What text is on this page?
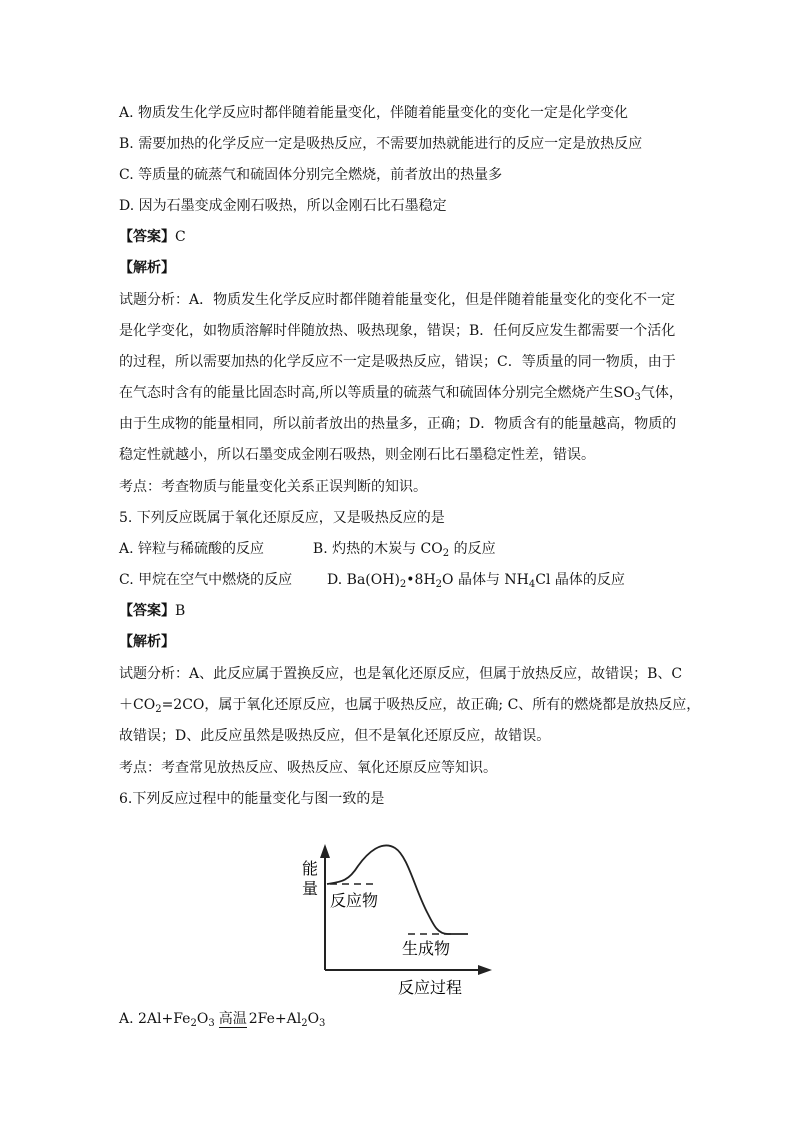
A. 物质发生化学反应时都伴随着能量变化，伴随着能量变化的变化一定是化学变化
B. 需要加热的化学反应一定是吸热反应，不需要加热就能进行的反应一定是放热反应
C. 等质量的硫蒸气和硫固体分别完全燃烧，前者放出的热量多
D. 因为石墨变成金刚石吸热，所以金刚石比石墨稳定
【答案】C
【解析】
试题分析：A．物质发生化学反应时都伴随着能量变化，但是伴随着能量变化的变化不一定
是化学变化，如物质溶解时伴随放热、吸热现象，错误；B．任何反应发生都需要一个活化
的过程，所以需要加热的化学反应不一定是吸热反应，错误；C．等质量的同一物质，由于
在气态时含有的能量比固态时高,所以等质量的硫蒸气和硫固体分别完全燃烧产生$SO_3$气体，
由于生成物的能量相同，所以前者放出的热量多，正确；D．物质含有的能量越高，物质的
稳定性就越小，所以石墨变成金刚石吸热，则金刚石比石墨稳定性差，错误。
考点：考查物质与能量变化关系正误判断的知识。
5. 下列反应既属于氧化还原反应，又是吸热反应的是
A. 锌粒与稀硫酸的反应	B. 灼热的木炭与 $CO_2$ 的反应
C. 甲烷在空气中燃烧的反应 D. $Ba(OH)_2•8H_2O$ 晶体与 $NH_4Cl$ 晶体的反应
【答案】B
【解析】
试题分析：A、此反应属于置换反应，也是氧化还原反应，但属于放热反应，故错误；B、C
$+CO_2=2CO$，属于氧化还原反应，也属于吸热反应，故正确; C、所有的燃烧都是放热反应，
故错误；D、此反应虽然是吸热反应，但不是氧化还原反应，故错误。
考点：考查常见放热反应、吸热反应、氧化还原反应等知识。
6.下列反应过程中的能量变化与图一致的是
能
量
反应物
生成物
反应过程
A. $2Al+Fe_2O_3$ 高温 $2Fe+Al_2O_3$
